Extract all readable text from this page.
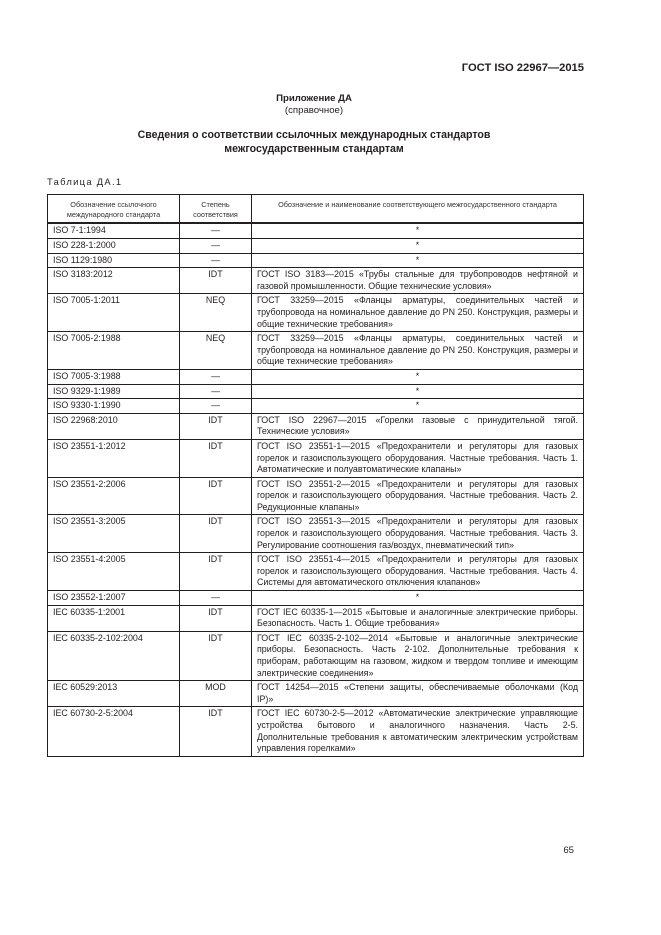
ГОСТ ISO 22967—2015
Приложение ДА
(справочное)
Сведения о соответствии ссылочных международных стандартов
межгосударственным стандартам
Таблица ДА.1
Обозначение ссылочного международного стандарта	Степень соответствия	Обозначение и наименование соответствующего межгосударственного стандарта
ISO 7-1:1994	—	*
ISO 228-1:2000	—	*
ISO 1129:1980	—	*
ISO 3183:2012	IDT	ГОСТ ISO 3183—2015 «Трубы стальные для трубопроводов нефтяной и газовой промышленности. Общие технические условия»
ISO 7005-1:2011	NEQ	ГОСТ 33259—2015 «Фланцы арматуры, соединительных частей и трубопровода на номинальное давление до PN 250. Конструкция, размеры и общие технические требования»
ISO 7005-2:1988	NEQ	ГОСТ 33259—2015 «Фланцы арматуры, соединительных частей и трубопровода на номинальное давление до PN 250. Конструкция, размеры и общие технические требования»
ISO 7005-3:1988	—	*
ISO 9329-1:1989	—	*
ISO 9330-1:1990	—	*
ISO 22968:2010	IDT	ГОСТ ISO 22967—2015 «Горелки газовые с принудительной тягой. Технические условия»
ISO 23551-1:2012	IDT	ГОСТ ISO 23551-1—2015 «Предохранители и регуляторы для газовых горелок и газоиспользующего оборудования. Частные требования. Часть 1. Автоматические и полуавтоматические клапаны»
ISO 23551-2:2006	IDT	ГОСТ ISO 23551-2—2015 «Предохранители и регуляторы для газовых горелок и газоиспользующего оборудования. Частные требования. Часть 2. Редукционные клапаны»
ISO 23551-3:2005	IDT	ГОСТ ISO 23551-3—2015 «Предохранители и регуляторы для газовых горелок и газоиспользующего оборудования. Частные требования. Часть 3. Регулирование соотношения газ/воздух, пневматический тип»
ISO 23551-4:2005	IDT	ГОСТ ISO 23551-4—2015 «Предохранители и регуляторы для газовых горелок и газоиспользующего оборудования. Частные требования. Часть 4. Системы для автоматического отключения клапанов»
ISO 23552-1:2007	—	*
IEC 60335-1:2001	IDT	ГОСТ IEC 60335-1—2015 «Бытовые и аналогичные электрические приборы. Безопасность. Часть 1. Общие требования»
IEC 60335-2-102:2004	IDT	ГОСТ IEC 60335-2-102—2014 «Бытовые и аналогичные электрические приборы. Безопасность. Часть 2-102. Дополнительные требования к приборам, работающим на газовом, жидком и твердом топливе и имеющим электрические соединения»
IEC 60529:2013	MOD	ГОСТ 14254—2015 «Степени защиты, обеспечиваемые оболочками (Код IP)»
IEC 60730-2-5:2004	IDT	ГОСТ IEC 60730-2-5—2012 «Автоматические электрические управляющие устройства бытового и аналогичного назначения. Часть 2-5. Дополнительные требования к автоматическим электрическим устройствам управления горелками»
65
